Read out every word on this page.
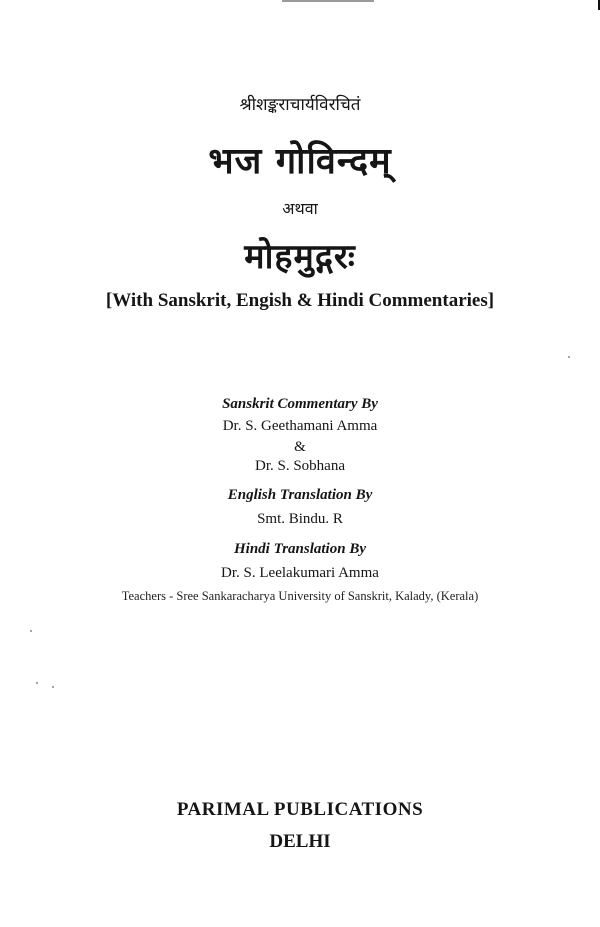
श्रीशङ्कराचार्यविरचितं
भज गोविन्दम्
अथवा
मोहमुद्गरः
[With Sanskrit, Engish & Hindi Commentaries]
Sanskrit Commentary By
Dr. S. Geethamani Amma
&
Dr. S. Sobhana
English Translation By
Smt. Bindu. R
Hindi Translation By
Dr. S. Leelakumari Amma
Teachers - Sree Sankaracharya University of Sanskrit, Kalady, (Kerala)
PARIMAL PUBLICATIONS
DELHI
